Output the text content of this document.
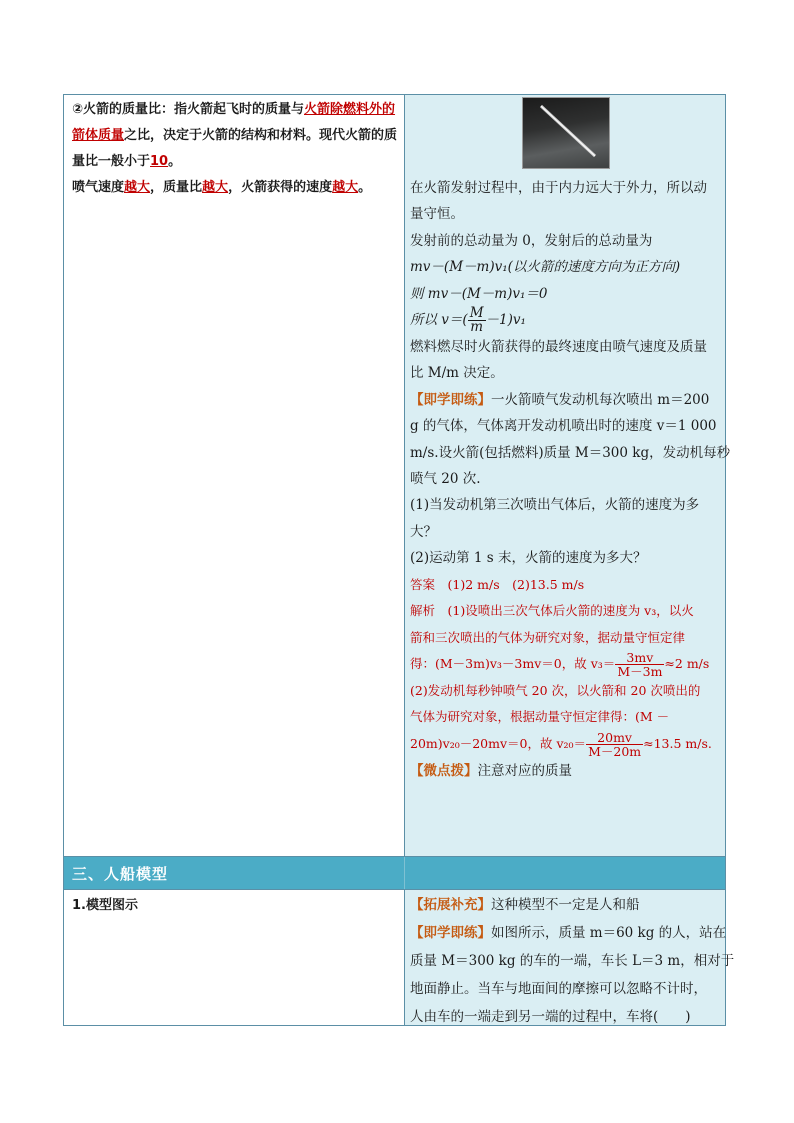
②火箭的质量比：指火箭起飞时的质量与火箭除燃料外的箭体质量之比，决定于火箭的结构和材料。现代火箭的质量比一般小于10。
喷气速度越大，质量比越大，火箭获得的速度越大。	在火箭发射过程中，由于内力远大于外力，所以动
量守恒。
发射前的总动量为 0，发射后的总动量为
mv－(M－m)v₁(以火箭的速度方向为正方向)
则 mv－(M－m)v₁＝0
所以 $v=( \frac{M}{m} -1)v_1$
燃料燃尽时火箭获得的最终速度由喷气速度及质量
比 M/m 决定。
【即学即练】一火箭喷气发动机每次喷出 m＝200
g 的气体，气体离开发动机喷出时的速度 v＝1 000
m/s.设火箭(包括燃料)质量 M＝300 kg，发动机每秒
喷气 20 次.
(1)当发动机第三次喷出气体后，火箭的速度为多
大？
(2)运动第 1 s 末，火箭的速度为多大？
答案　(1)2 m/s　(2)13.5 m/s
解析　(1)设喷出三次气体后火箭的速度为 v₃，以火
箭和三次喷出的气体为研究对象，据动量守恒定律
得：(M－3m)v₃－3mv＝0，故 $v_3= \frac{3mv}{M-3m} \approx 2$ m/s
(2)发动机每秒钟喷气 20 次，以火箭和 20 次喷出的
气体为研究对象，根据动量守恒定律得：(M －
20m)v₂₀－20mv＝0，故 $v_{20}= \frac{20mv}{M-20m} \approx 13.5$ m/s.
【微点拨】注意对应的质量
三、人船模型
1.模型图示	【拓展补充】这种模型不一定是人和船
【即学即练】如图所示，质量 m＝60 kg 的人，站在
质量 M＝300 kg 的车的一端，车长 L＝3 m，相对于
地面静止。当车与地面间的摩擦可以忽略不计时，
人由车的一端走到另一端的过程中，车将(　　)
